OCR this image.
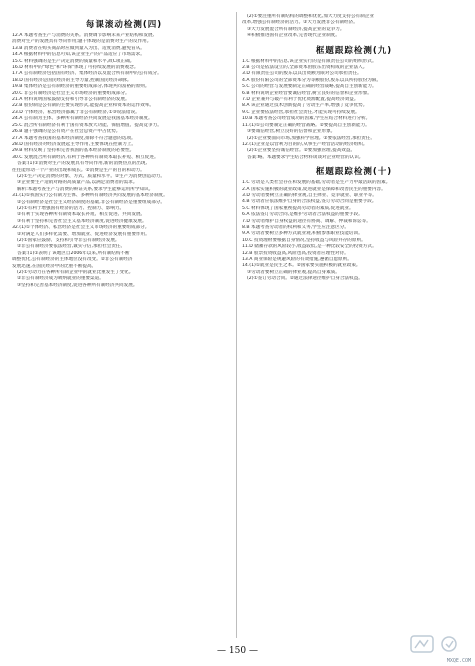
每课滚动检测(四)
12.A 本题考查生产与消费的关系。消费调节影响未来产业结构和发展,
消费对生产的发展具有导向作用;题干体现的是消费对生产的反作用。
13.B 消费者在购买商品时应做到量入为出、适度消费,避免盲从。
14.A 根据材料中的信息可知,该企业生产的产品适应了市场需求。
15.C 材料强调的是生产决定消费的质量和水平,故C项正确。
16.D 材料中的"绿色"和"环保"体现了可持续发展的消费观念。
17.A 公有制经济包括国有经济、集体经济以及混合所有制中的公有成分。
18.D 国有经济是国民经济的主导力量,控制国民经济命脉。
19.B 集体经济是公有制经济的重要组成部分,体现共同富裕的原则。
20.C 非公有制经济是社会主义市场经济的重要组成部分。
21.A 材料说明国家鼓励支持和引导非公有制经济的发展。
22.B 股份制是公有制的主要实现形式,能提高企业和资本的运作效率。
23.D 个体经济、私营经济都属于非公有制经济,①③说法错误。
24.A 公有制为主体、多种所有制经济共同发展是我国基本经济制度。
25.C 混合所有制经济有利于国有资本放大功能、保值增值、提高竞争力。
26.B 题干强调的是公有资产在社会总资产中占优势。
27.A 本题考查我国的基本经济制度,排除不符合题意的选项。
28.D 国有经济对经济发展起主导作用,主要体现在控制力上。
29.B 材料反映了坚持和完善我国的基本经济制度的必要性。
30.C 发展混合所有制经济,有利于各种所有制资本取长补短、相互促进。
答案:(1)①消费对生产的发展具有导向作用,新的消费热点的出现,
往往能带动一个产业的出现和成长。②消费是生产的目的和动力。
(2)①生产决定消费的对象、方式、质量和水平。②生产为消费创造动力。
③企业要生产适销对路的高质量产品,以满足消费者的需求。
解析:本题考查生产与消费的辩证关系,要求学生能够运用所学知识。
31.(1)①我国实行公有制为主体、多种所有制经济共同发展的基本经济制度。
②公有制经济是社会主义经济制度的基础,非公有制经济是重要组成部分。
(2)①有利于增强国有经济的活力、控制力、影响力。
②有利于实现各种所有制资本取长补短、相互促进、共同发展。
③有利于坚持和完善社会主义基本经济制度,促进经济健康发展。
32.(1)①个体经济、私营经济是社会主义市场经济的重要组成部分。
②对满足人们多样化需要、增加就业、促进经济发展有重要作用。
(2)①国家应鼓励、支持和引导非公有制经济发展。
②非公有制经济要依法经营,诚实守信,承担社会责任。
答案:(1)①表明了该地区自2006年以来,所有制结构不断
调整优化,公有制经济的主体地位没有改变。②非公有制经济
发展迅速,在国民经济中的比重不断提高。
(2)①劳动力在各种所有制企业中的就业比重发生了变化。
②非公有制经济成为吸纳就业的重要渠道。
③坚持和完善基本经济制度,促进各种所有制经济共同发展。
(2)①要注重所有制结构的调整和优化,加大力度支持公有制企业
改革,增强公有制经济的活力。②大力发展非公有制经济。
③大力发展混合所有制经济,提高企业的竞争力。
④积极推进国有企业改革,完善现代企业制度。
框题跟踪检测(九)
1.C 根据材料中的信息,该企业实行的是有限责任公司的组织形式。
2.B 公司是依法设立的,全部资本由股东出资构成的企业法人。
3.D 有限责任公司的股东以其出资额为限对公司承担责任。
4.A 股份有限公司的全部资本分为等额股份,股东以其所持股份为限。
5.C 公司的经营与发展要制定正确的经营战略,提高自主创新能力。
6.B 材料说明企业经营要诚信经营,树立良好的信誉和企业形象。
7.D 企业兼并与破产有利于优化资源配置,提高经济效益。
8.A 该企业通过技术创新提高了劳动生产率,增强了竞争优势。
9.C 企业要依法经营,承担社会责任,才能实现可持续发展。
10.B 本题考查公司经营成功的因素,学生应结合材料进行分析。
11.(1)①公司要制定正确的经营战略。②要提高自主创新能力。
③要诚信经营,树立良好的信誉和企业形象。
(2)①企业要面向市场,加强科学管理。②要依法经营,承担责任。
12.(1)企业是以营利为目的的,从事生产经营活动的经济组织。
(2)①企业要坚持诚信经营。②要加强管理,提高效益。
答案:略。本题要求学生结合材料谈谈对企业经营的认识。
框题跟踪检测(十)
1.C 劳动是人类社会存在和发展的基础,劳动者是生产力中最活跃的因素。
2.A 国家实施积极的就业政策,促进就业是保障和改善民生的重要内容。
3.D 劳动者要树立正确的择业观,自主择业、竞争就业、职业平等。
4.B 劳动者应依法维护自身的合法权益,签订劳动合同是重要手段。
5.C 材料体现了国家重视提高劳动者的素质,促进就业。
6.A 依法签订劳动合同,是维护劳动者合法权益的重要手段。
7.D 劳动者维护自身权益的途径有协商、调解、仲裁和诉讼等。
8.B 本题考查劳动者的权利和义务,学生应注意区分。
9.A 劳动者要树立多种方式就业观,积极参加职业技能培训。
10.C 投资理财要根据自身情况,坚持收益与风险并存的原则。
11.D 储蓄存款的风险较小,收益较低,是一种比较安全的投资方式。
12.B 股票投资收益高,风险也高,投资者应理性对待。
13.A 商业保险是规避风险的有效措施,遵循自愿原则。
14.(1)①就业是民生之本。②国家要实施积极的就业政策。
③劳动者要树立正确的择业观,提高自身素质。
(2)①签订劳动合同。②通过法律途径维护自身合法权益。
— 150 —
MXQE.COM
